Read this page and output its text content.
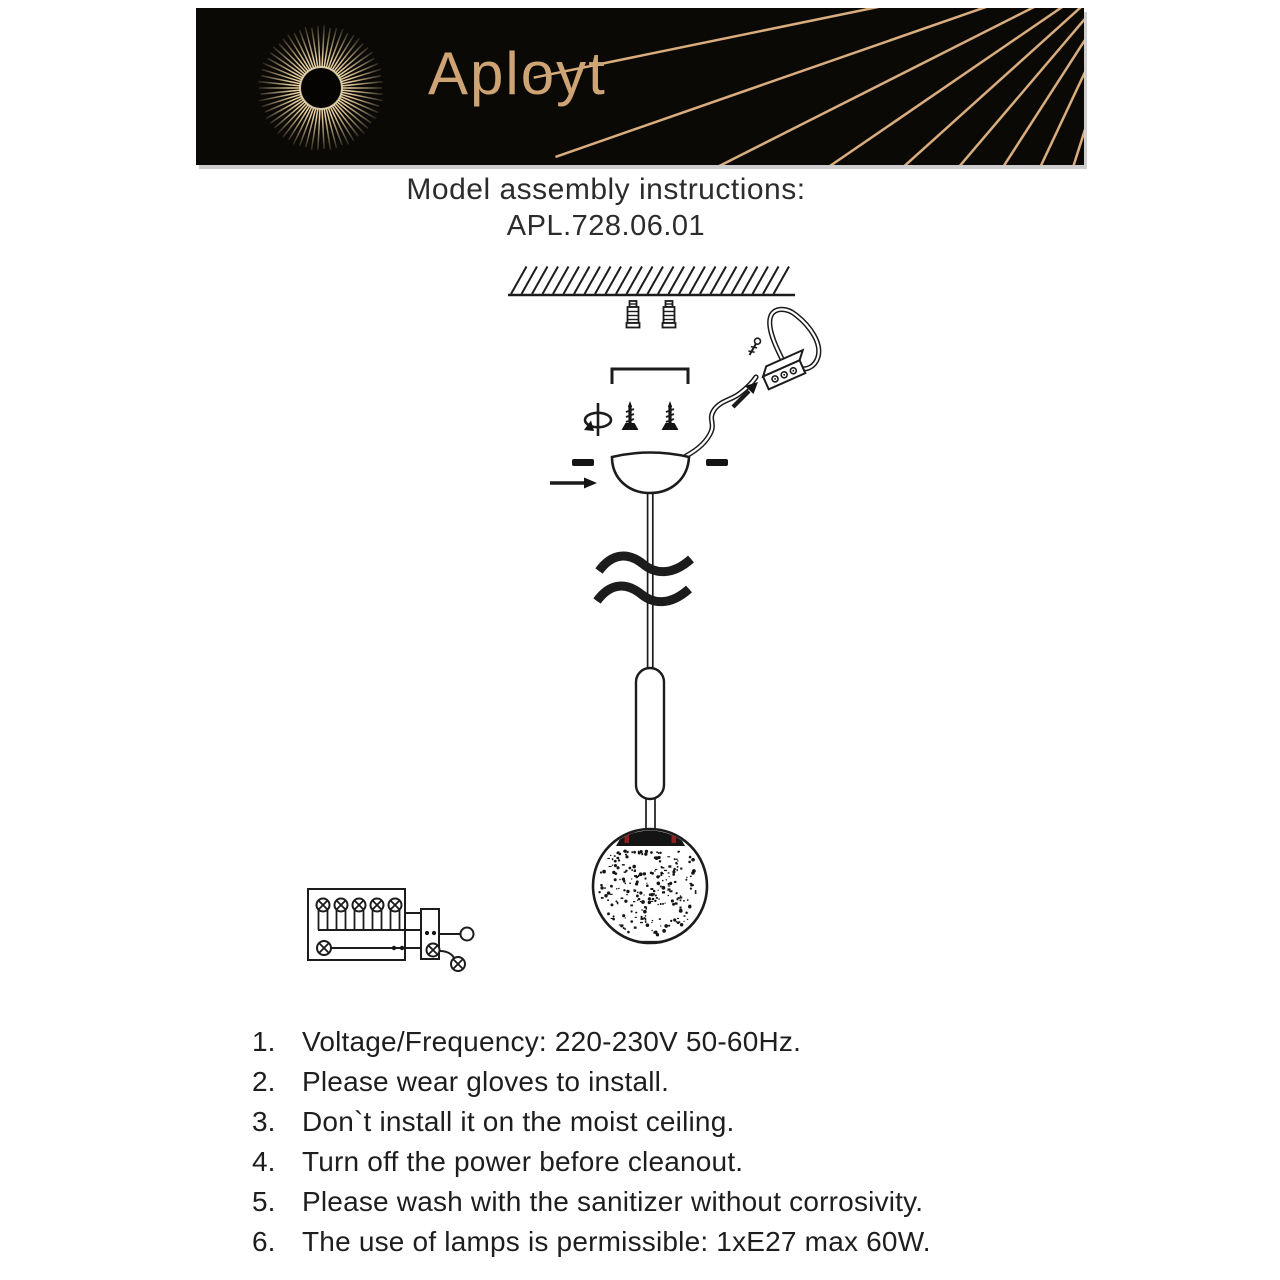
Aployt
Model assembly instructions:
APL.728.06.01
1. Voltage/Frequency: 220-230V 50-60Hz.
2. Please wear gloves to install.
3. Don`t install it on the moist ceiling.
4. Turn off the power before cleanout.
5. Please wash with the sanitizer without corrosivity.
6. The use of lamps is permissible: 1xE27 max 60W.
